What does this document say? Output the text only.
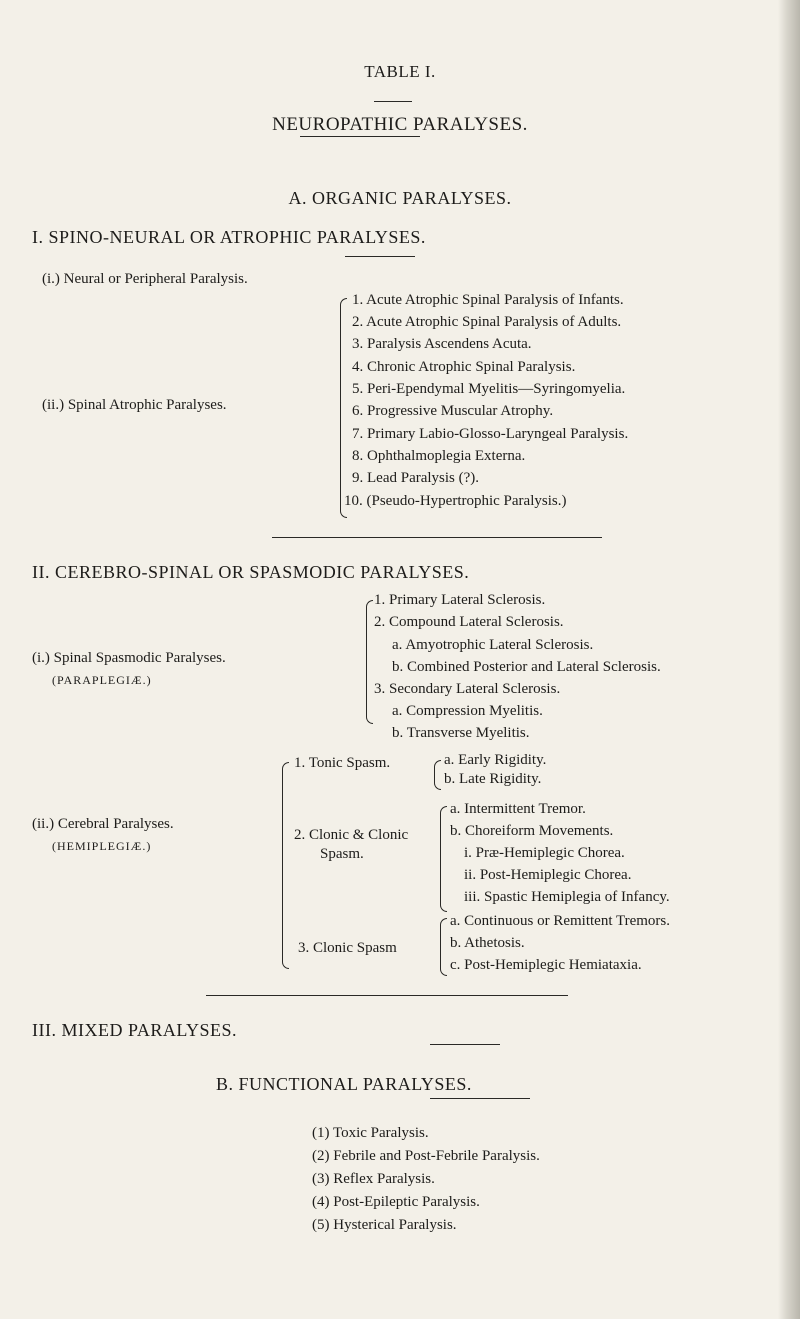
TABLE I.
NEUROPATHIC PARALYSES.
A. ORGANIC PARALYSES.
I. SPINO-NEURAL OR ATROPHIC PARALYSES.
(i.) Neural or Peripheral Paralysis.
(ii.) Spinal Atrophic Paralyses.
1. Acute Atrophic Spinal Paralysis of Infants.
2. Acute Atrophic Spinal Paralysis of Adults.
3. Paralysis Ascendens Acuta.
4. Chronic Atrophic Spinal Paralysis.
5. Peri-Ependymal Myelitis—Syringomyelia.
6. Progressive Muscular Atrophy.
7. Primary Labio-Glosso-Laryngeal Paralysis.
8. Ophthalmoplegia Externa.
9. Lead Paralysis (?).
10. (Pseudo-Hypertrophic Paralysis.)
II. CEREBRO-SPINAL OR SPASMODIC PARALYSES.
(i.) Spinal Spasmodic Paralyses.
(PARAPLEGIÆ.)
1. Primary Lateral Sclerosis.
2. Compound Lateral Sclerosis.
a. Amyotrophic Lateral Sclerosis.
b. Combined Posterior and Lateral Sclerosis.
3. Secondary Lateral Sclerosis.
a. Compression Myelitis.
b. Transverse Myelitis.
(ii.) Cerebral Paralyses.
(HEMIPLEGIÆ.)
1. Tonic Spasm.	a. Early Rigidity.
b. Late Rigidity.
2. Clonic & Clonic
Spasm.
a. Intermittent Tremor.
b. Choreiform Movements.
i. Præ-Hemiplegic Chorea.
ii. Post-Hemiplegic Chorea.
iii. Spastic Hemiplegia of Infancy.
3. Clonic Spasm
a. Continuous or Remittent Tremors.
b. Athetosis.
c. Post-Hemiplegic Hemiataxia.
III. MIXED PARALYSES.
B. FUNCTIONAL PARALYSES.
(1) Toxic Paralysis.
(2) Febrile and Post-Febrile Paralysis.
(3) Reflex Paralysis.
(4) Post-Epileptic Paralysis.
(5) Hysterical Paralysis.
